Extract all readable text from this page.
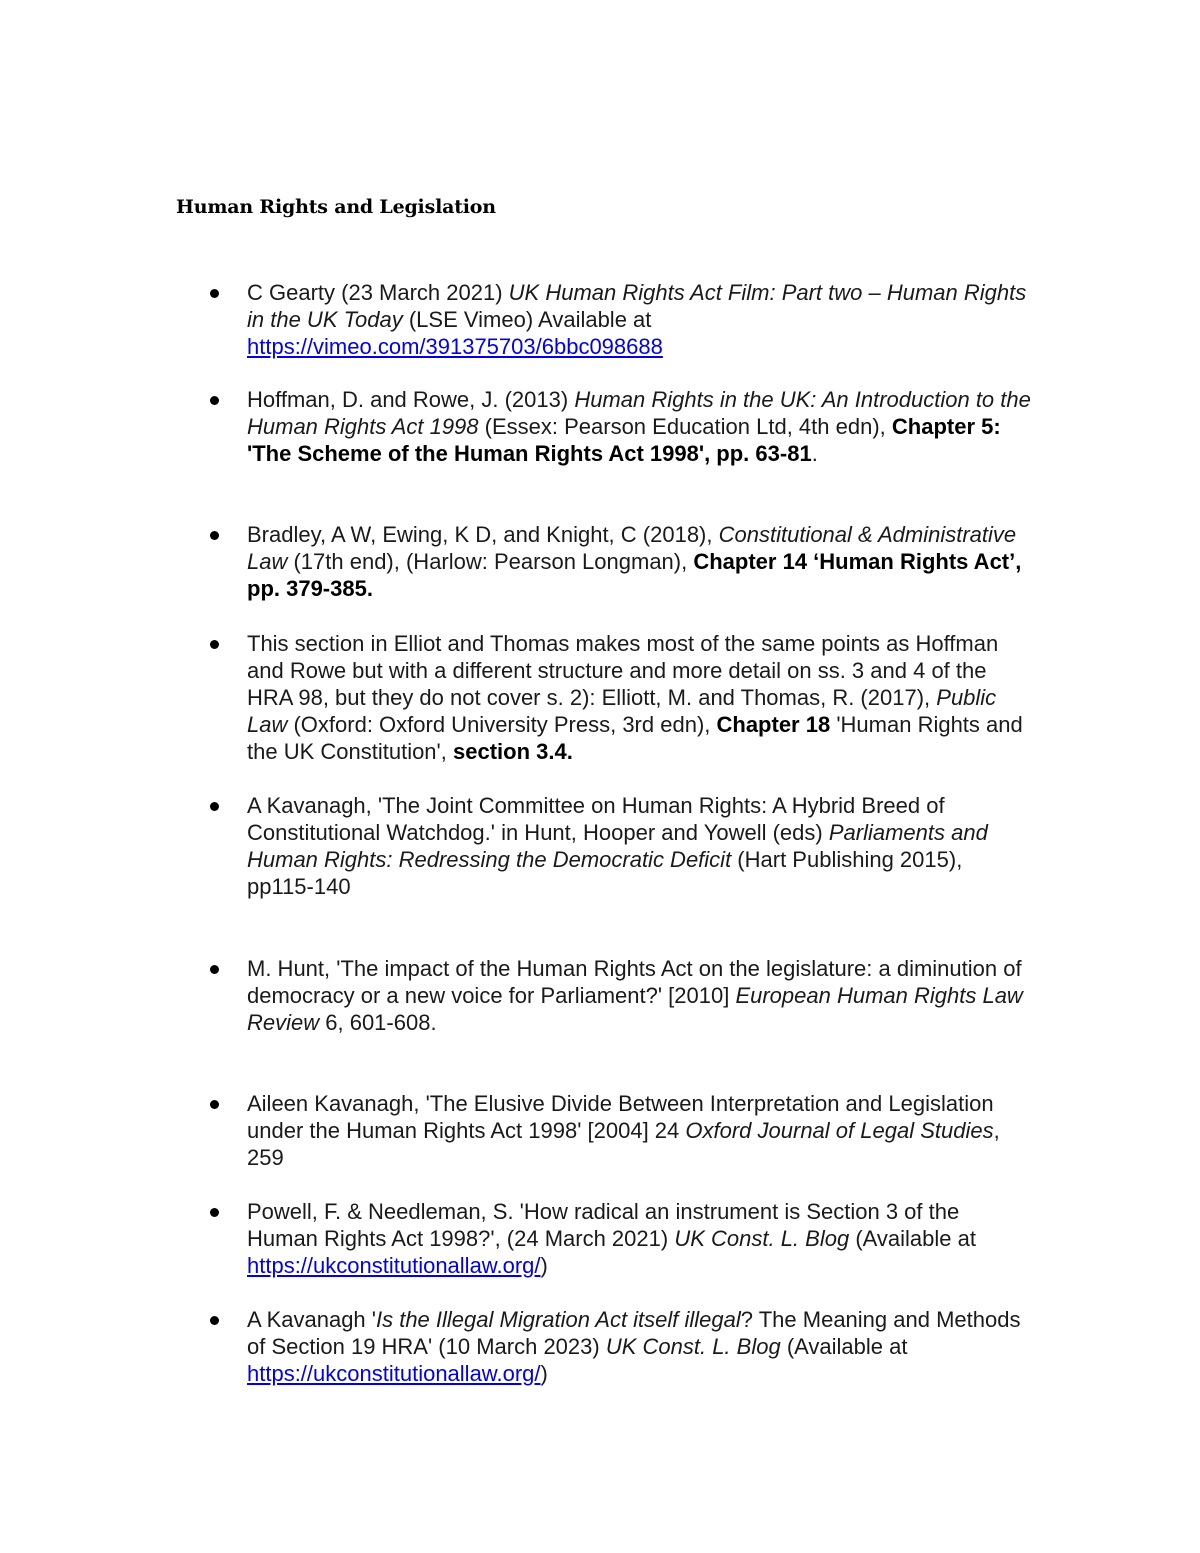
Human Rights and Legislation
C Gearty (23 March 2021) UK Human Rights Act Film: Part two – Human Rights in the UK Today (LSE Vimeo) Available at https://vimeo.com/391375703/6bbc098688
Hoffman, D. and Rowe, J. (2013) Human Rights in the UK: An Introduction to the Human Rights Act 1998 (Essex: Pearson Education Ltd, 4th edn), Chapter 5: 'The Scheme of the Human Rights Act 1998', pp. 63-81.
Bradley, A W, Ewing, K D, and Knight, C (2018), Constitutional & Administrative Law (17th end), (Harlow: Pearson Longman), Chapter 14 ‘Human Rights Act’, pp. 379-385.
This section in Elliot and Thomas makes most of the same points as Hoffman and Rowe but with a different structure and more detail on ss. 3 and 4 of the HRA 98, but they do not cover s. 2): Elliott, M. and Thomas, R. (2017), Public Law (Oxford: Oxford University Press, 3rd edn), Chapter 18 'Human Rights and the UK Constitution', section 3.4.
A Kavanagh, 'The Joint Committee on Human Rights: A Hybrid Breed of Constitutional Watchdog.' in Hunt, Hooper and Yowell (eds) Parliaments and Human Rights: Redressing the Democratic Deficit (Hart Publishing 2015), pp115-140
M. Hunt, 'The impact of the Human Rights Act on the legislature: a diminution of democracy or a new voice for Parliament?' [2010] European Human Rights Law Review 6, 601-608.
Aileen Kavanagh, 'The Elusive Divide Between Interpretation and Legislation under the Human Rights Act 1998' [2004] 24 Oxford Journal of Legal Studies, 259
Powell, F. & Needleman, S. 'How radical an instrument is Section 3 of the Human Rights Act 1998?', (24 March 2021) UK Const. L. Blog (Available at https://ukconstitutionallaw.org/)
A Kavanagh 'Is the Illegal Migration Act itself illegal? The Meaning and Methods of Section 19 HRA' (10 March 2023) UK Const. L. Blog (Available at https://ukconstitutionallaw.org/)
